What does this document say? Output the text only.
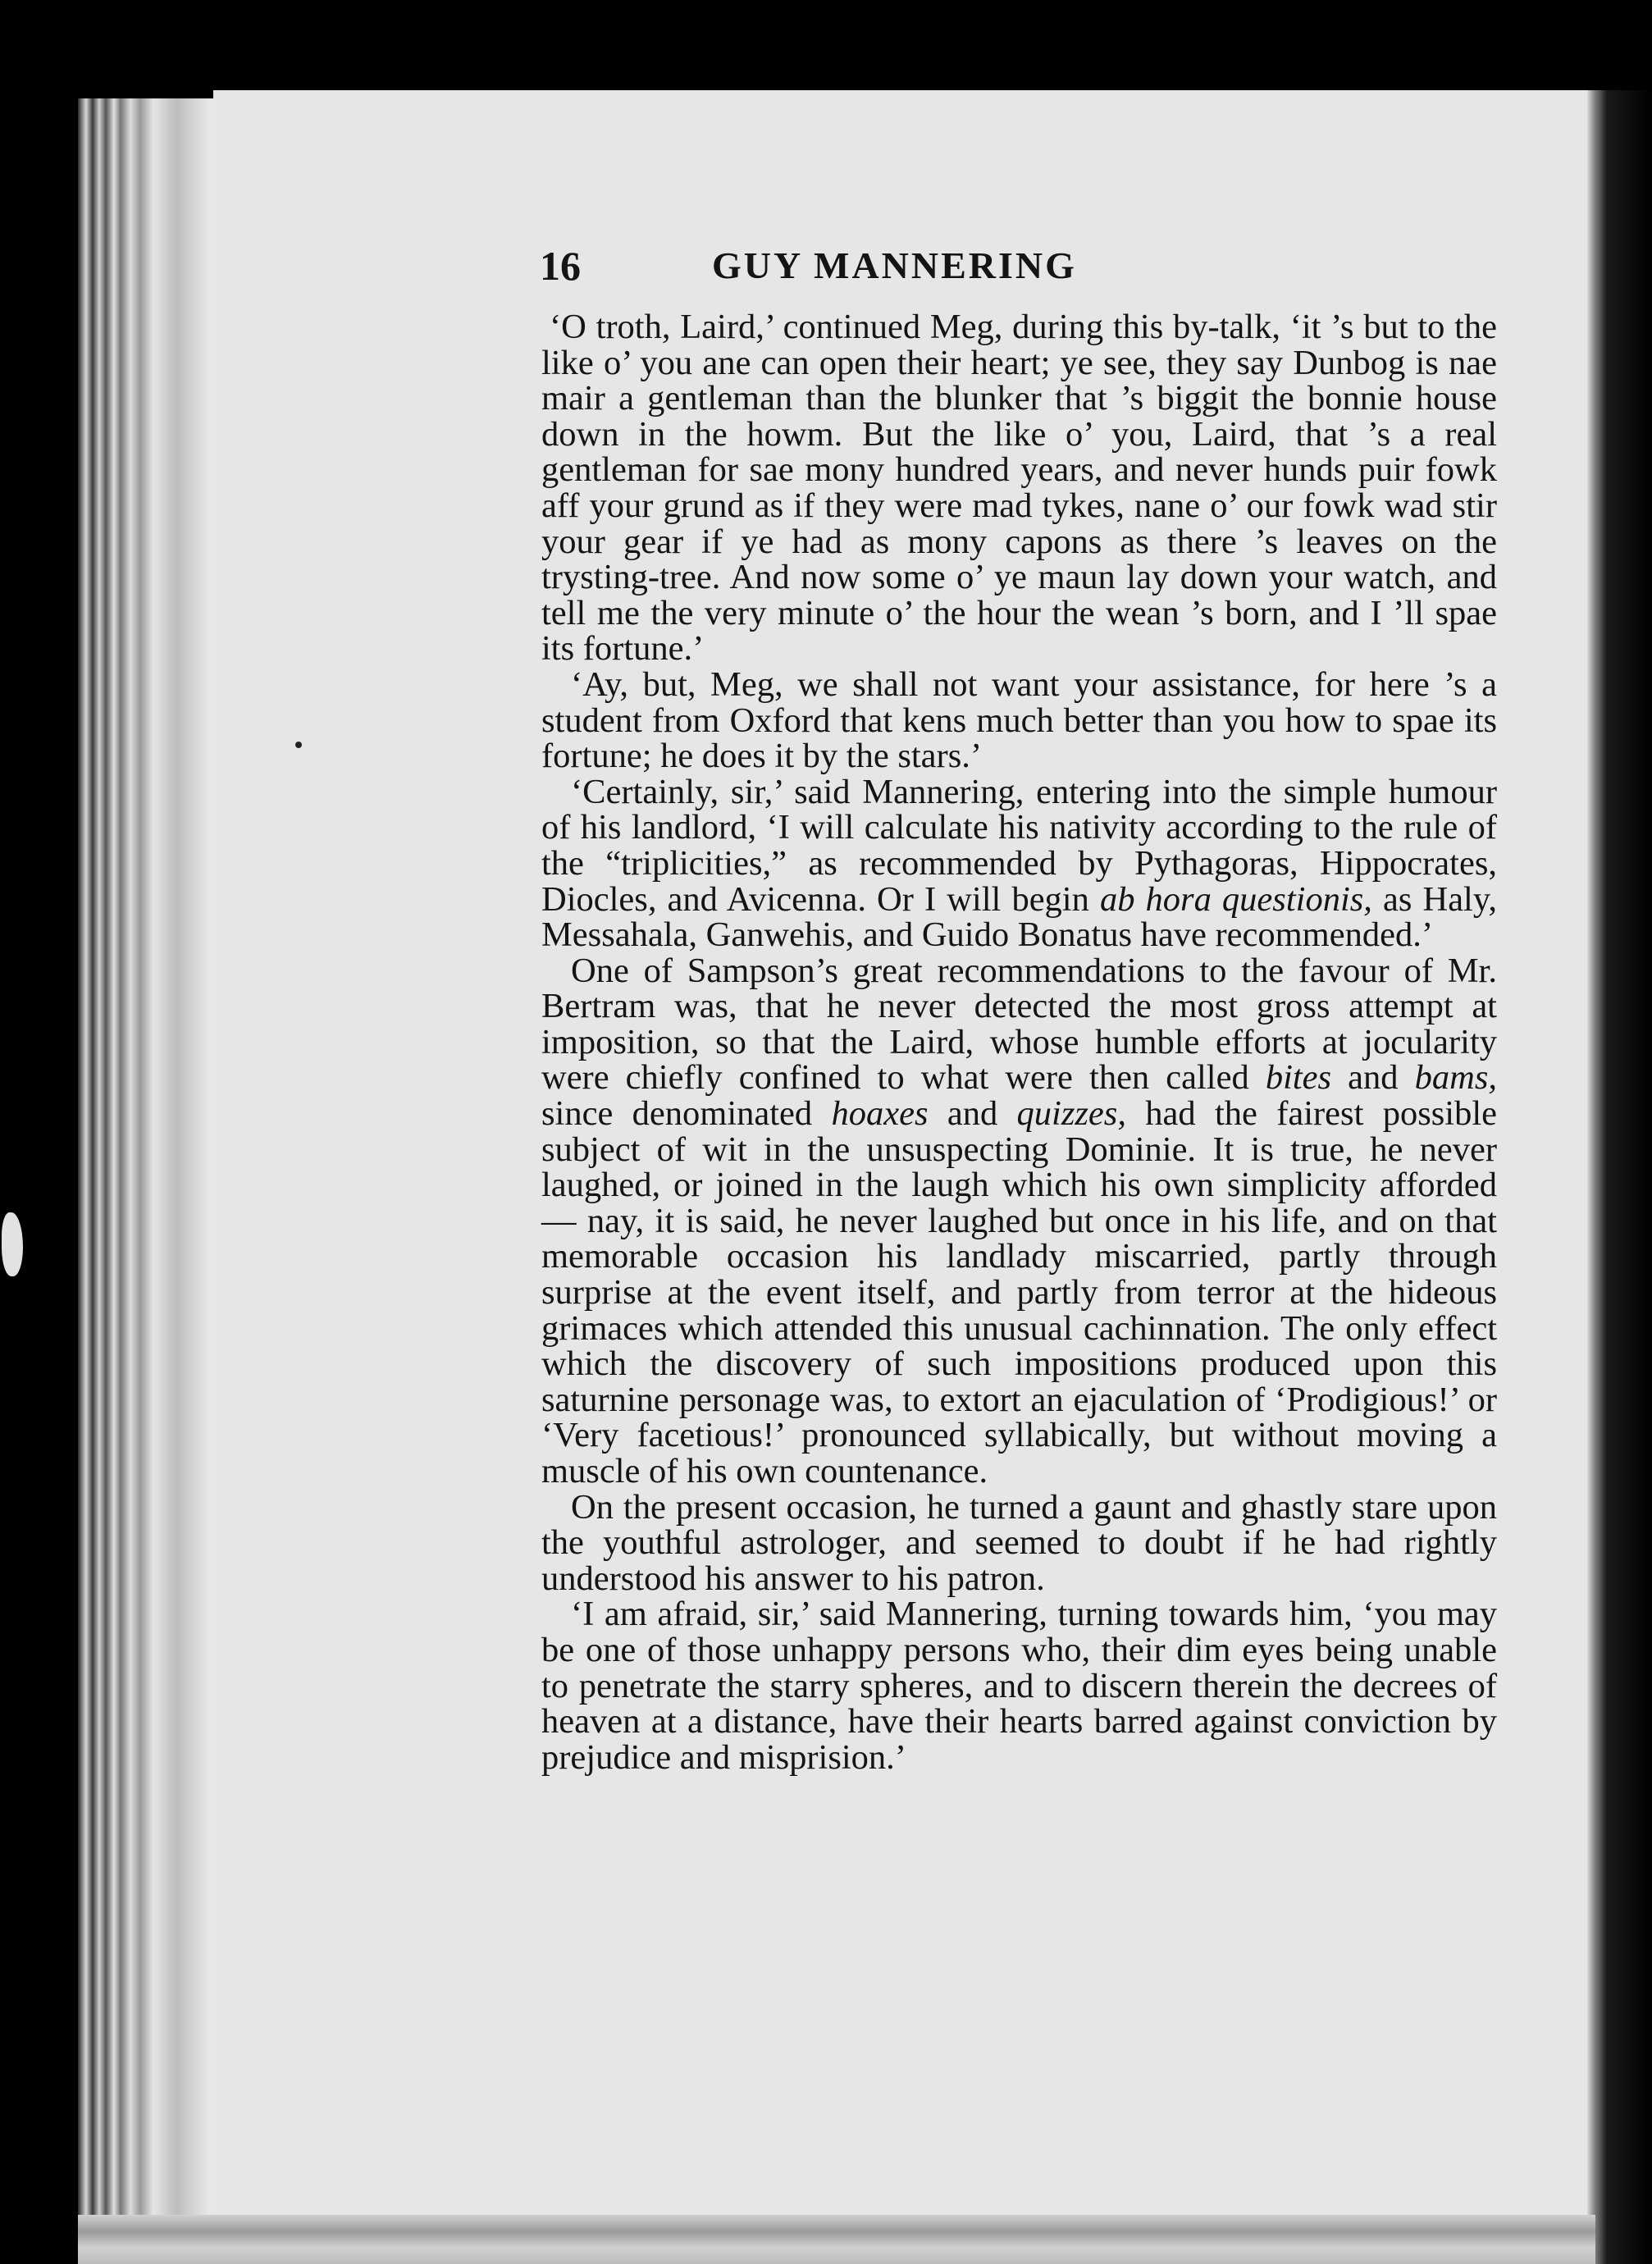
16	GUY MANNERING

‘O troth, Laird,’ continued Meg, during this by-talk, ‘it ’s but to the like o’ you ane can open their heart; ye see, they say Dunbog is nae mair a gentleman than the blunker that ’s biggit the bonnie house down in the howm. But the like o’ you, Laird, that ’s a real gentleman for sae mony hundred years, and never hunds puir fowk aff your grund as if they were mad tykes, nane o’ our fowk wad stir your gear if ye had as mony capons as there ’s leaves on the trysting-tree. And now some o’ ye maun lay down your watch, and tell me the very minute o’ the hour the wean ’s born, and I ’ll spae its fortune.’

‘Ay, but, Meg, we shall not want your assistance, for here ’s a student from Oxford that kens much better than you how to spae its fortune; he does it by the stars.’

‘Certainly, sir,’ said Mannering, entering into the simple humour of his landlord, ‘I will calculate his nativity according to the rule of the “triplicities,” as recommended by Pythagoras, Hippocrates, Diocles, and Avicenna. Or I will begin ab hora questionis, as Haly, Messahala, Ganwehis, and Guido Bonatus have recommended.’

One of Sampson’s great recommendations to the favour of Mr. Bertram was, that he never detected the most gross attempt at imposition, so that the Laird, whose humble efforts at jocularity were chiefly confined to what were then called bites and bams, since denominated hoaxes and quizzes, had the fairest possible subject of wit in the unsuspecting Dominie. It is true, he never laughed, or joined in the laugh which his own simplicity afforded — nay, it is said, he never laughed but once in his life, and on that memorable occasion his landlady miscarried, partly through surprise at the event itself, and partly from terror at the hideous grimaces which attended this unusual cachinnation. The only effect which the discovery of such impositions produced upon this saturnine personage was, to extort an ejaculation of ‘Prodigious!’ or ‘Very facetious!’ pronounced syllabically, but without moving a muscle of his own countenance.

On the present occasion, he turned a gaunt and ghastly stare upon the youthful astrologer, and seemed to doubt if he had rightly understood his answer to his patron.

‘I am afraid, sir,’ said Mannering, turning towards him, ‘you may be one of those unhappy persons who, their dim eyes being unable to penetrate the starry spheres, and to discern therein the decrees of heaven at a distance, have their hearts barred against conviction by prejudice and misprision.’
